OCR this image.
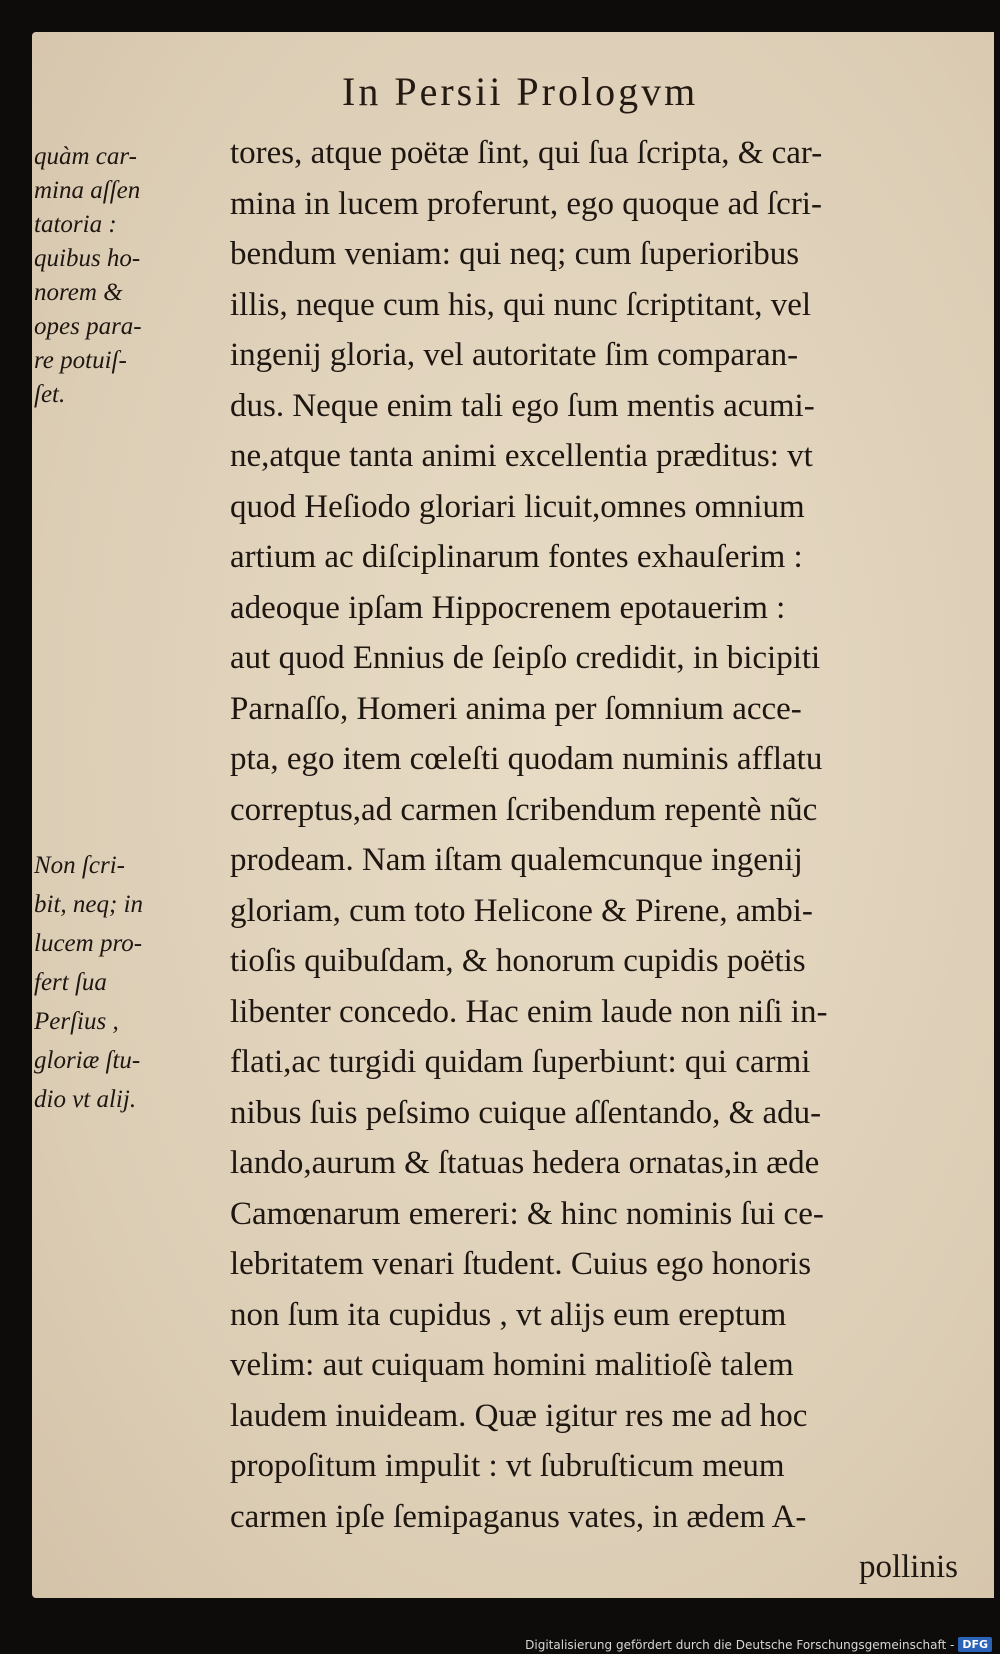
In Persii Prologvm
quàm car-
mina aſſen
tatoria :
quibus ho-
norem &
opes para-
re potuiſ-
ſet.
Non ſcri-
bit, neq; in
lucem pro-
fert ſua
Perſius ,
gloriæ ſtu-
dio vt alij.
tores, atque poëtæ ſint, qui ſua ſcripta, & car-
mina in lucem proferunt, ego quoque ad ſcri-
bendum veniam: qui neq; cum ſuperioribus
illis, neque cum his, qui nunc ſcriptitant, vel
ingenij gloria, vel autoritate ſim comparan-
dus. Neque enim tali ego ſum mentis acumi-
ne,atque tanta animi excellentia præditus: vt
quod Heſiodo gloriari licuit,omnes omnium
artium ac diſciplinarum fontes exhauſerim :
adeoque ipſam Hippocrenem epotauerim :
aut quod Ennius de ſeipſo credidit, in bicipiti
Parnaſſo, Homeri anima per ſomnium acce-
pta, ego item cœleſti quodam numinis afflatu
correptus,ad carmen ſcribendum repentè nũc
prodeam. Nam iſtam qualemcunque ingenij
gloriam, cum toto Helicone & Pirene, ambi-
tioſis quibuſdam, & honorum cupidis poëtis
libenter concedo. Hac enim laude non niſi in-
flati,ac turgidi quidam ſuperbiunt: qui carmi
nibus ſuis peſsimo cuique aſſentando, & adu-
lando,aurum & ſtatuas hedera ornatas,in æde
Camœnarum emereri: & hinc nominis ſui ce-
lebritatem venari ſtudent. Cuius ego honoris
non ſum ita cupidus , vt alijs eum ereptum
velim: aut cuiquam homini malitioſè talem
laudem inuideam. Quæ igitur res me ad hoc
propoſitum impulit : vt ſubruſticum meum
carmen ipſe ſemipaganus vates, in ædem A-
pollinis
Digitalisierung gefördert durch die Deutsche Forschungsgemeinschaft - DFG
